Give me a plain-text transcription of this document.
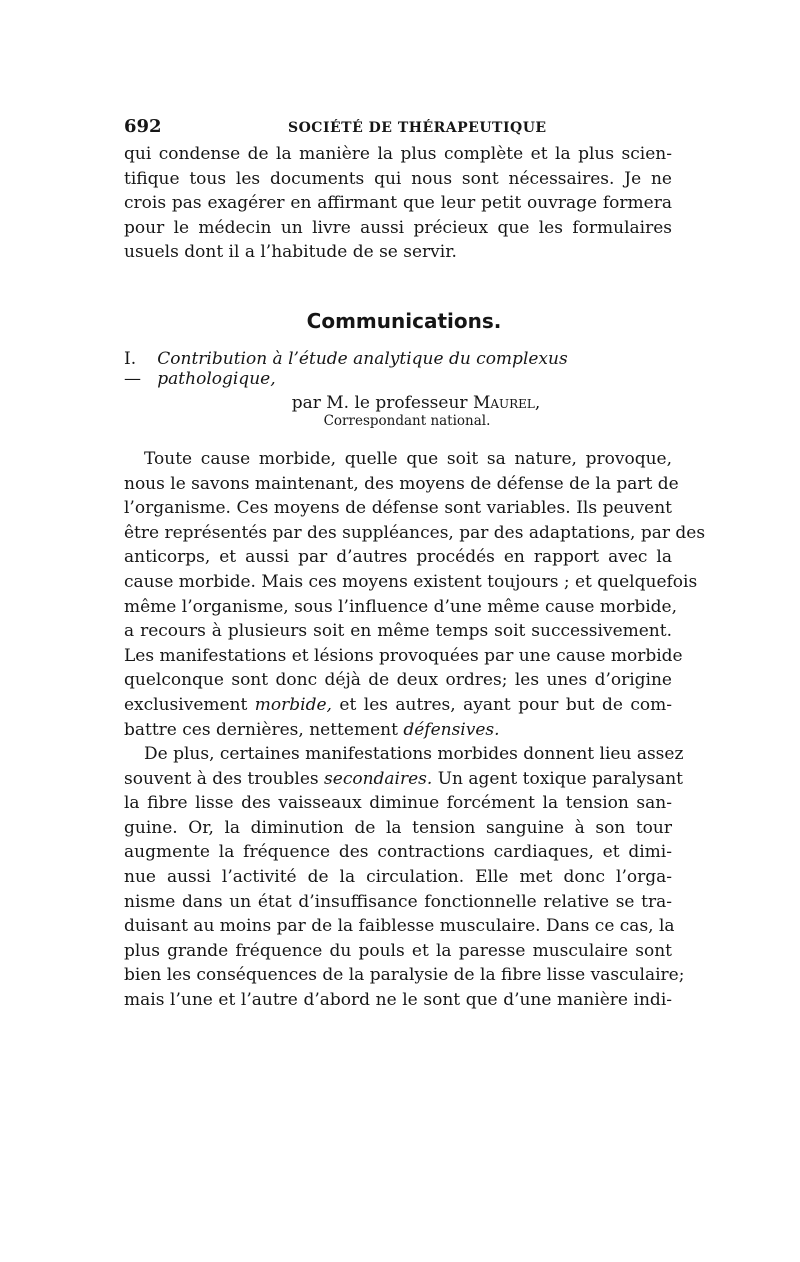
692	SOCIÉTÉ DE THÉRAPEUTIQUE

qui condense de la manière la plus complète et la plus scien-
tifique tous les documents qui nous sont nécessaires. Je ne
crois pas exagérer en affirmant que leur petit ouvrage formera
pour le médecin un livre aussi précieux que les formulaires
usuels dont il a l’habitude de se servir.

Communications.
I. —
Contribution à l’étude analytique du complexus pathologique,
par M. le professeur Maurel,
Correspondant national.

Toute cause morbide, quelle que soit sa nature, provoque,
nous le savons maintenant, des moyens de défense de la part de
l’organisme. Ces moyens de défense sont variables. Ils peuvent
être représentés par des suppléances, par des adaptations, par des
anticorps, et aussi par d’autres procédés en rapport avec la
cause morbide. Mais ces moyens existent toujours ; et quelquefois
même l’organisme, sous l’influence d’une même cause morbide,
a recours à plusieurs soit en même temps soit successivement.
Les manifestations et lésions provoquées par une cause morbide
quelconque sont donc déjà de deux ordres; les unes d’origine
exclusivement morbide, et les autres, ayant pour but de com-
battre ces dernières, nettement défensives.

De plus, certaines manifestations morbides donnent lieu assez
souvent à des troubles secondaires. Un agent toxique paralysant
la fibre lisse des vaisseaux diminue forcément la tension san-
guine. Or, la diminution de la tension sanguine à son tour
augmente la fréquence des contractions cardiaques, et dimi-
nue aussi l’activité de la circulation. Elle met donc l’orga-
nisme dans un état d’insuffisance fonctionnelle relative se tra-
duisant au moins par de la faiblesse musculaire. Dans ce cas, la
plus grande fréquence du pouls et la paresse musculaire sont
bien les conséquences de la paralysie de la fibre lisse vasculaire;
mais l’une et l’autre d’abord ne le sont que d’une manière indi-
